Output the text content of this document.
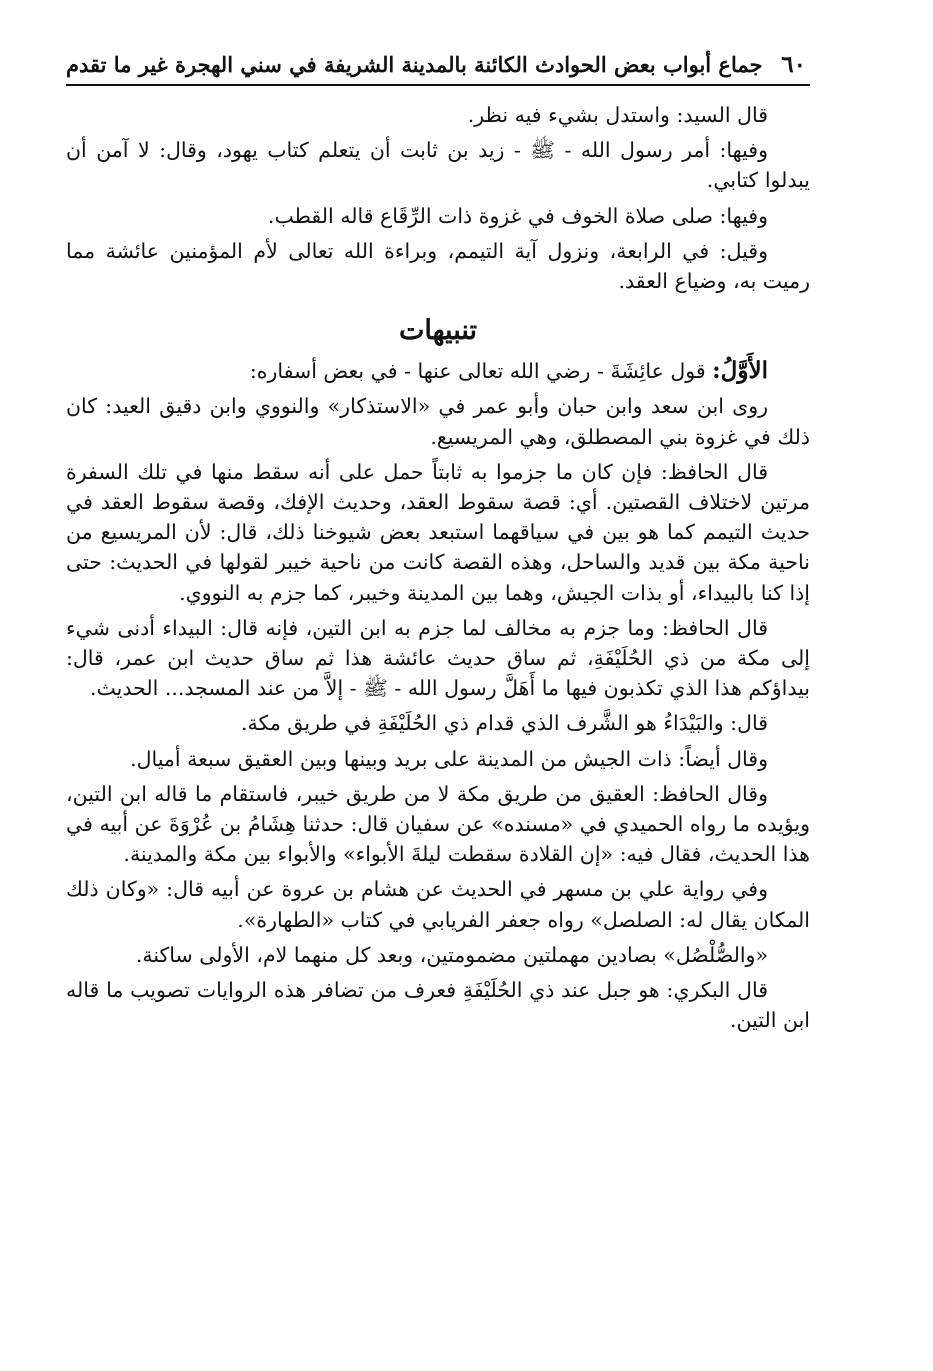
٦٠
جماع أبواب بعض الحوادث الكائنة بالمدينة الشريفة في سني الهجرة غير ما تقدم

قال السيد: واستدل بشيء فيه نظر.

وفيها: أمر رسول الله - ﷺ - زيد بن ثابت أن يتعلم كتاب يهود، وقال: لا آمن أن يبدلوا كتابي.

وفيها: صلى صلاة الخوف في غزوة ذات الرِّقَاع قاله القطب.

وقيل: في الرابعة، ونزول آية التيمم، وبراءة الله تعالى لأم المؤمنين عائشة مما رميت به، وضياع العقد.

تنبيهات

الأَوَّلُ: قول عائِشَةَ - رضي الله تعالى عنها - في بعض أسفاره:

روى ابن سعد وابن حبان وأبو عمر في «الاستذكار» والنووي وابن دقيق العيد: كان ذلك في غزوة بني المصطلق، وهي المريسيع.

قال الحافظ: فإن كان ما جزموا به ثابتاً حمل على أنه سقط منها في تلك السفرة مرتين لاختلاف القصتين. أي: قصة سقوط العقد، وحديث الإفك، وقصة سقوط العقد في حديث التيمم كما هو بين في سياقهما استبعد بعض شيوخنا ذلك، قال: لأن المريسيع من ناحية مكة بين قديد والساحل، وهذه القصة كانت من ناحية خيبر لقولها في الحديث: حتى إذا كنا بالبيداء، أو بذات الجيش، وهما بين المدينة وخيبر، كما جزم به النووي.

قال الحافظ: وما جزم به مخالف لما جزم به ابن التين، فإنه قال: البيداء أدنى شيء إلى مكة من ذي الحُلَيْفَةِ، ثم ساق حديث عائشة هذا ثم ساق حديث ابن عمر، قال: بيداؤكم هذا الذي تكذبون فيها ما أَهَلَّ رسول الله - ﷺ - إلاَّ من عند المسجد... الحديث.

قال: والبَيْدَاءُ هو الشَّرف الذي قدام ذي الحُلَيْفَةِ في طريق مكة.

وقال أيضاً: ذات الجيش من المدينة على بريد وبينها وبين العقيق سبعة أميال.

وقال الحافظ: العقيق من طريق مكة لا من طريق خيبر، فاستقام ما قاله ابن التين، ويؤيده ما رواه الحميدي في «مسنده» عن سفيان قال: حدثنا هِشَامُ بن عُرْوَةَ عن أبيه في هذا الحديث، فقال فيه: «إن القلادة سقطت ليلةَ الأبواء» والأبواء بين مكة والمدينة.

وفي رواية علي بن مسهر في الحديث عن هشام بن عروة عن أبيه قال: «وكان ذلك المكان يقال له: الصلصل» رواه جعفر الفريابي في كتاب «الطهارة».

«والصُّلْصُل» بصادين مهملتين مضمومتين، وبعد كل منهما لام، الأولى ساكنة.

قال البكري: هو جبل عند ذي الحُلَيْفَةِ فعرف من تضافر هذه الروايات تصويب ما قاله ابن التين.
